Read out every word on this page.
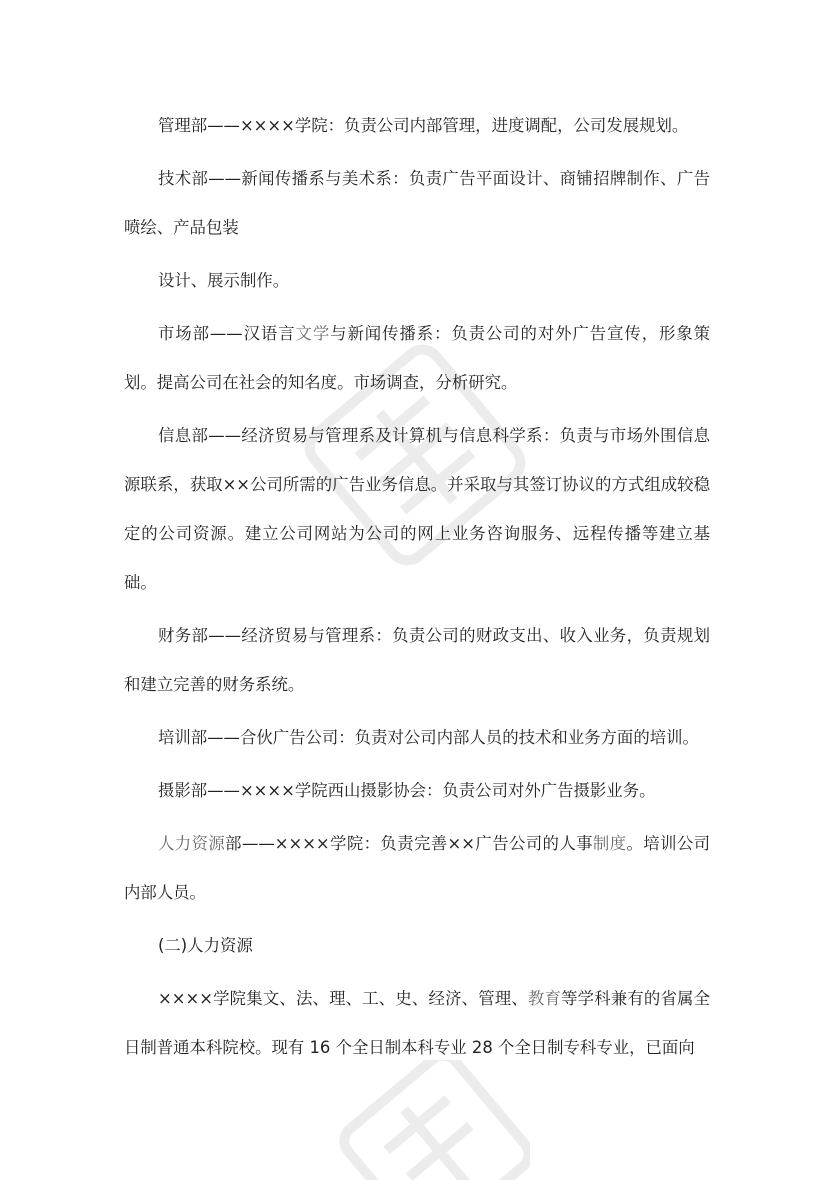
管理部——××××学院：负责公司内部管理，进度调配，公司发展规划。

技术部——新闻传播系与美术系：负责广告平面设计、商铺招牌制作、广告喷绘、产品包装

设计、展示制作。

市场部——汉语言文学与新闻传播系：负责公司的对外广告宣传，形象策划。提高公司在社会的知名度。市场调查，分析研究。

信息部——经济贸易与管理系及计算机与信息科学系：负责与市场外围信息源联系，获取××公司所需的广告业务信息。并采取与其签订协议的方式组成较稳定的公司资源。建立公司网站为公司的网上业务咨询服务、远程传播等建立基础。

财务部——经济贸易与管理系：负责公司的财政支出、收入业务，负责规划和建立完善的财务系统。

培训部——合伙广告公司：负责对公司内部人员的技术和业务方面的培训。

摄影部——××××学院西山摄影协会：负责公司对外广告摄影业务。

人力资源部——××××学院：负责完善××广告公司的人事制度。培训公司内部人员。

(二)人力资源

××××学院集文、法、理、工、史、经济、管理、教育等学科兼有的省属全日制普通本科院校。现有 16 个全日制本科专业 28 个全日制专科专业，已面向
